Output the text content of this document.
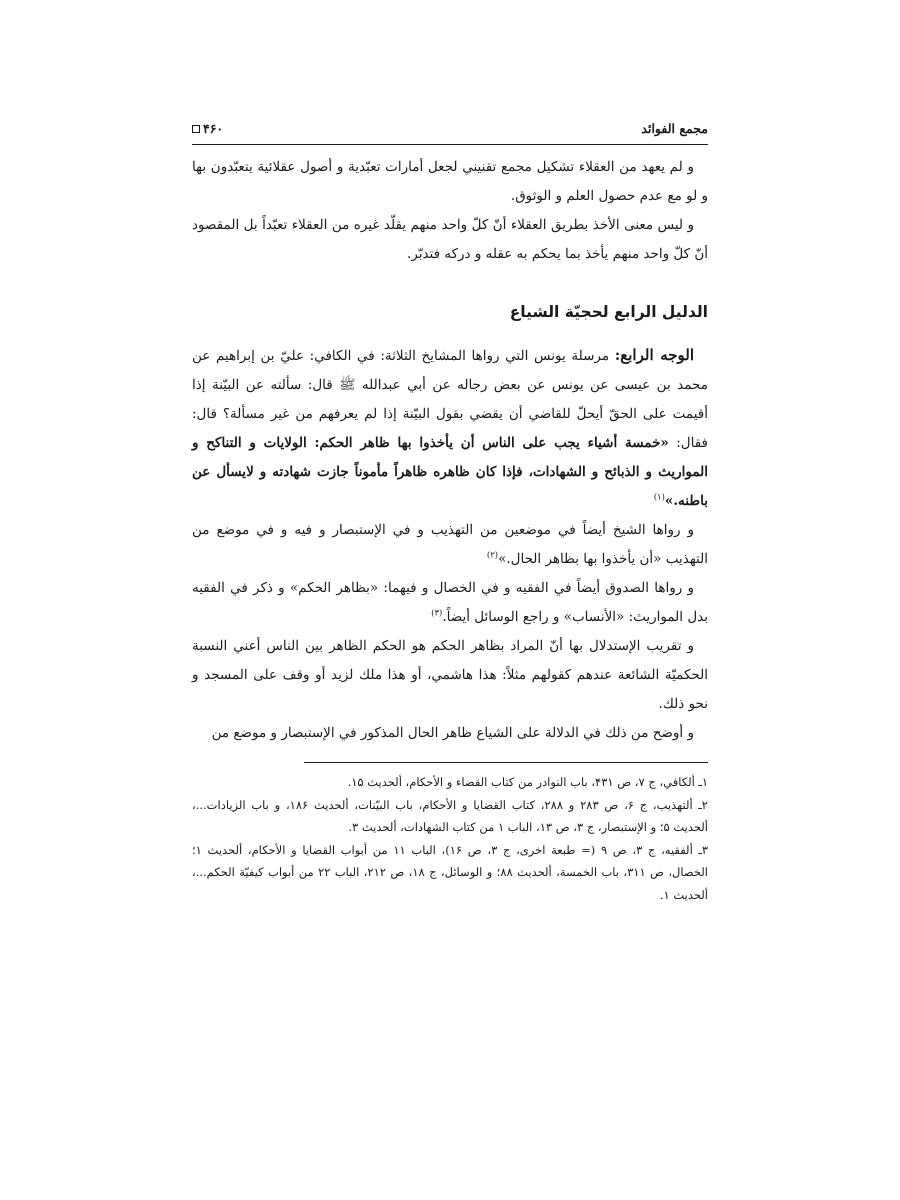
مجمع الفوائد
۴۶۰

و لم يعهد من العقلاء تشكيل مجمع تقنيني لجعل أمارات تعبّدية و أصول عقلائية يتعبّدون بها و لو مع عدم حصول العلم و الوثوق.

و ليس معنى الأخذ بطريق العقلاء أنّ كلّ واحد منهم يقلّد غيره من العقلاء تعبّداً بل المقصود أنّ كلّ واحد منهم يأخذ بما يحكم به عقله و دركه فتدبّر.

الدليل الرابع لحجيّة الشياع

الوجه الرابع: مرسلة يونس التي رواها المشايخ الثلاثة: في الكافي: عليّ بن إبراهيم عن محمد بن عيسى عن يونس عن بعض رجاله عن أبي عبدالله ﷺ قال: سألته عن البيّنة إذا أقيمت على الحقّ أيحلّ للقاضي أن يقضي بقول البيّنة إذا لم يعرفهم من غير مسألة؟ قال: فقال: «خمسة أشياء يجب على الناس أن يأخذوا بها ظاهر الحكم: الولايات و التناكح و المواريث و الذبائح و الشهادات، فإذا كان ظاهره ظاهراً مأموناً جازت شهادته و لايسأل عن باطنه.»$^{(١)}$

و رواها الشيخ أيضاً في موضعين من التهذيب و في الإستبصار و فيه و في موضع من التهذيب «أن يأخذوا بها بظاهر الحال.»$^{(٢)}$

و رواها الصدوق أيضاً في الفقيه و في الخصال و فيهما: «بظاهر الحكم» و ذكر في الفقيه بدل المواريث: «الأنساب» و راجع الوسائل أيضاً.$^{(٣)}$

و تقريب الإستدلال بها أنّ المراد بظاهر الحكم هو الحكم الظاهر بين الناس أعني النسبة الحكميّة الشائعة عندهم كقولهم مثلاً: هذا هاشمي، أو هذا ملك لزيد أو وقف على المسجد و نحو ذلك.

و أوضح من ذلك في الدلالة على الشياع ظاهر الحال المذكور في الإستبصار و موضع من

١ـ ألكافي، ج ٧، ص ۴٣١، باب النوادر من كتاب القضاء و الأحكام، ألحديث ١۵.

٢ـ ألتهذيب، ج ۶، ص ٢٨٣ و ٢٨٨، كتاب القضايا و الأحكام، باب البيّنات، ألحديث ١٨۶، و باب الزيادات...، ألحديث ۵؛ و الإستبصار، ج ٣، ص ١٣، الباب ١ من كتاب الشهادات، ألحديث ٣.

٣ـ ألفقيه، ج ٣، ص ٩ (= طبعة اخرى، ج ٣، ص ١۶)، الباب ١١ من أبواب القضايا و الأحكام، ألحديث ١؛ الخصال، ص ٣١١، باب الخمسة، ألحديث ٨٨؛ و الوسائل، ج ١٨، ص ٢١٢، الباب ٢٢ من أبواب كيفيّة الحكم...، ألحديث ١.
